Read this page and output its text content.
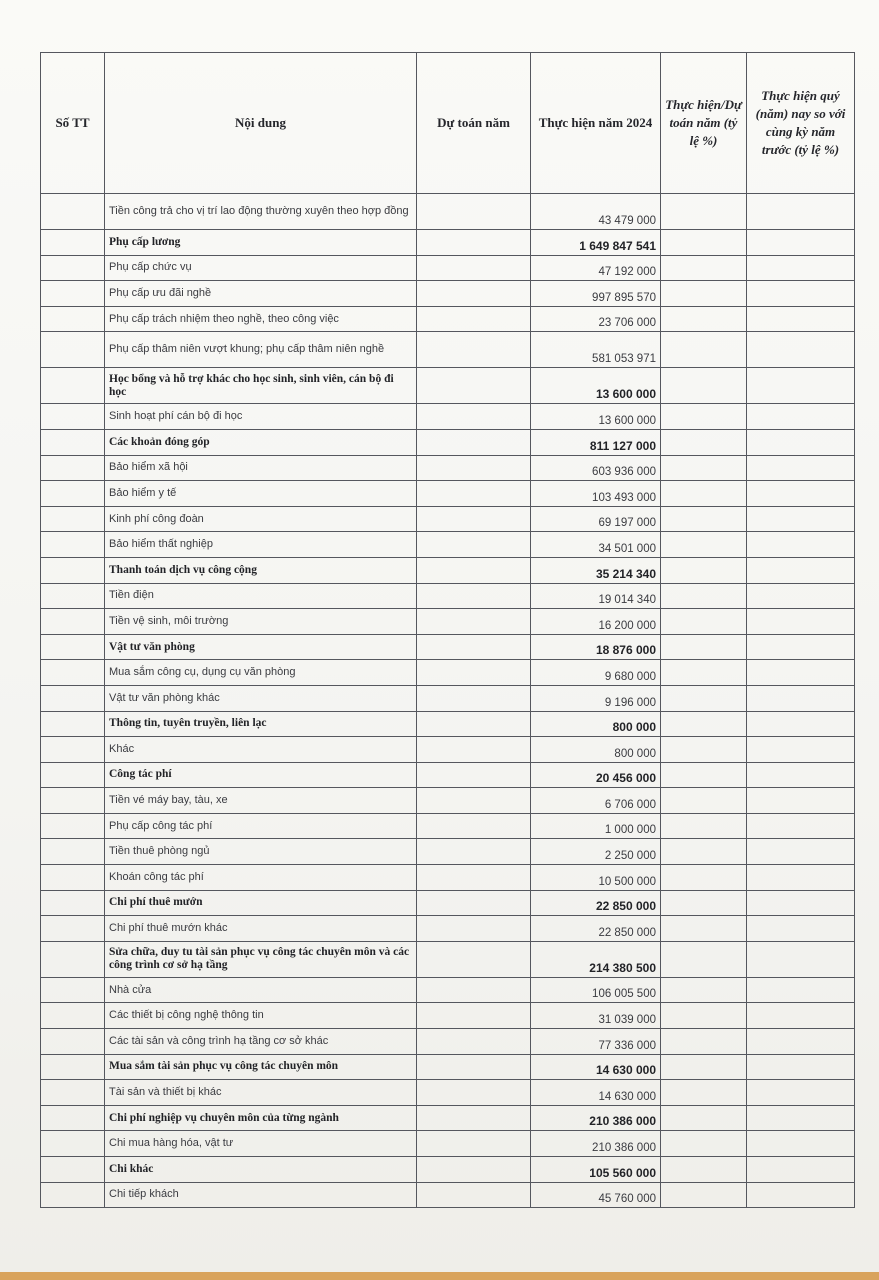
Số TT	Nội dung	Dự toán năm	Thực hiện năm 2024	Thực hiện/Dự toán năm (tỷ lệ %)	Thực hiện quý (năm) nay so với cùng kỳ năm trước (tỷ lệ %)

	Tiền công trả cho vị trí lao động thường xuyên theo hợp đồng		43 479 000		
	Phụ cấp lương		1 649 847 541		
	Phụ cấp chức vụ		47 192 000		
	Phụ cấp ưu đãi nghề		997 895 570		
	Phụ cấp trách nhiệm theo nghề, theo công việc		23 706 000		
	Phụ cấp thâm niên vượt khung; phụ cấp thâm niên nghề		581 053 971		
	Học bổng và hỗ trợ khác cho học sinh, sinh viên, cán bộ đi học		13 600 000		
	Sinh hoạt phí cán bộ đi học		13 600 000		
	Các khoản đóng góp		811 127 000		
	Bảo hiểm xã hội		603 936 000		
	Bảo hiểm y tế		103 493 000		
	Kinh phí công đoàn		69 197 000		
	Bảo hiểm thất nghiệp		34 501 000		
	Thanh toán dịch vụ công cộng		35 214 340		
	Tiền điện		19 014 340		
	Tiền vệ sinh, môi trường		16 200 000		
	Vật tư văn phòng		18 876 000		
	Mua sắm công cụ, dụng cụ văn phòng		9 680 000		
	Vật tư văn phòng khác		9 196 000		
	Thông tin, tuyên truyền, liên lạc		800 000		
	Khác		800 000		
	Công tác phí		20 456 000		
	Tiền vé máy bay, tàu, xe		6 706 000		
	Phụ cấp công tác phí		1 000 000		
	Tiền thuê phòng ngủ		2 250 000		
	Khoán công tác phí		10 500 000		
	Chi phí thuê mướn		22 850 000		
	Chi phí thuê mướn khác		22 850 000		
	Sửa chữa, duy tu tài sản phục vụ công tác chuyên môn và các công trình cơ sở hạ tầng		214 380 500		
	Nhà cửa		106 005 500		
	Các thiết bị công nghệ thông tin		31 039 000		
	Các tài sản và công trình hạ tầng cơ sở khác		77 336 000		
	Mua sắm tài sản phục vụ công tác chuyên môn		14 630 000		
	Tài sản và thiết bị khác		14 630 000		
	Chi phí nghiệp vụ chuyên môn của từng ngành		210 386 000		
	Chi mua hàng hóa, vật tư		210 386 000		
	Chi khác		105 560 000		
	Chi tiếp khách		45 760 000		
